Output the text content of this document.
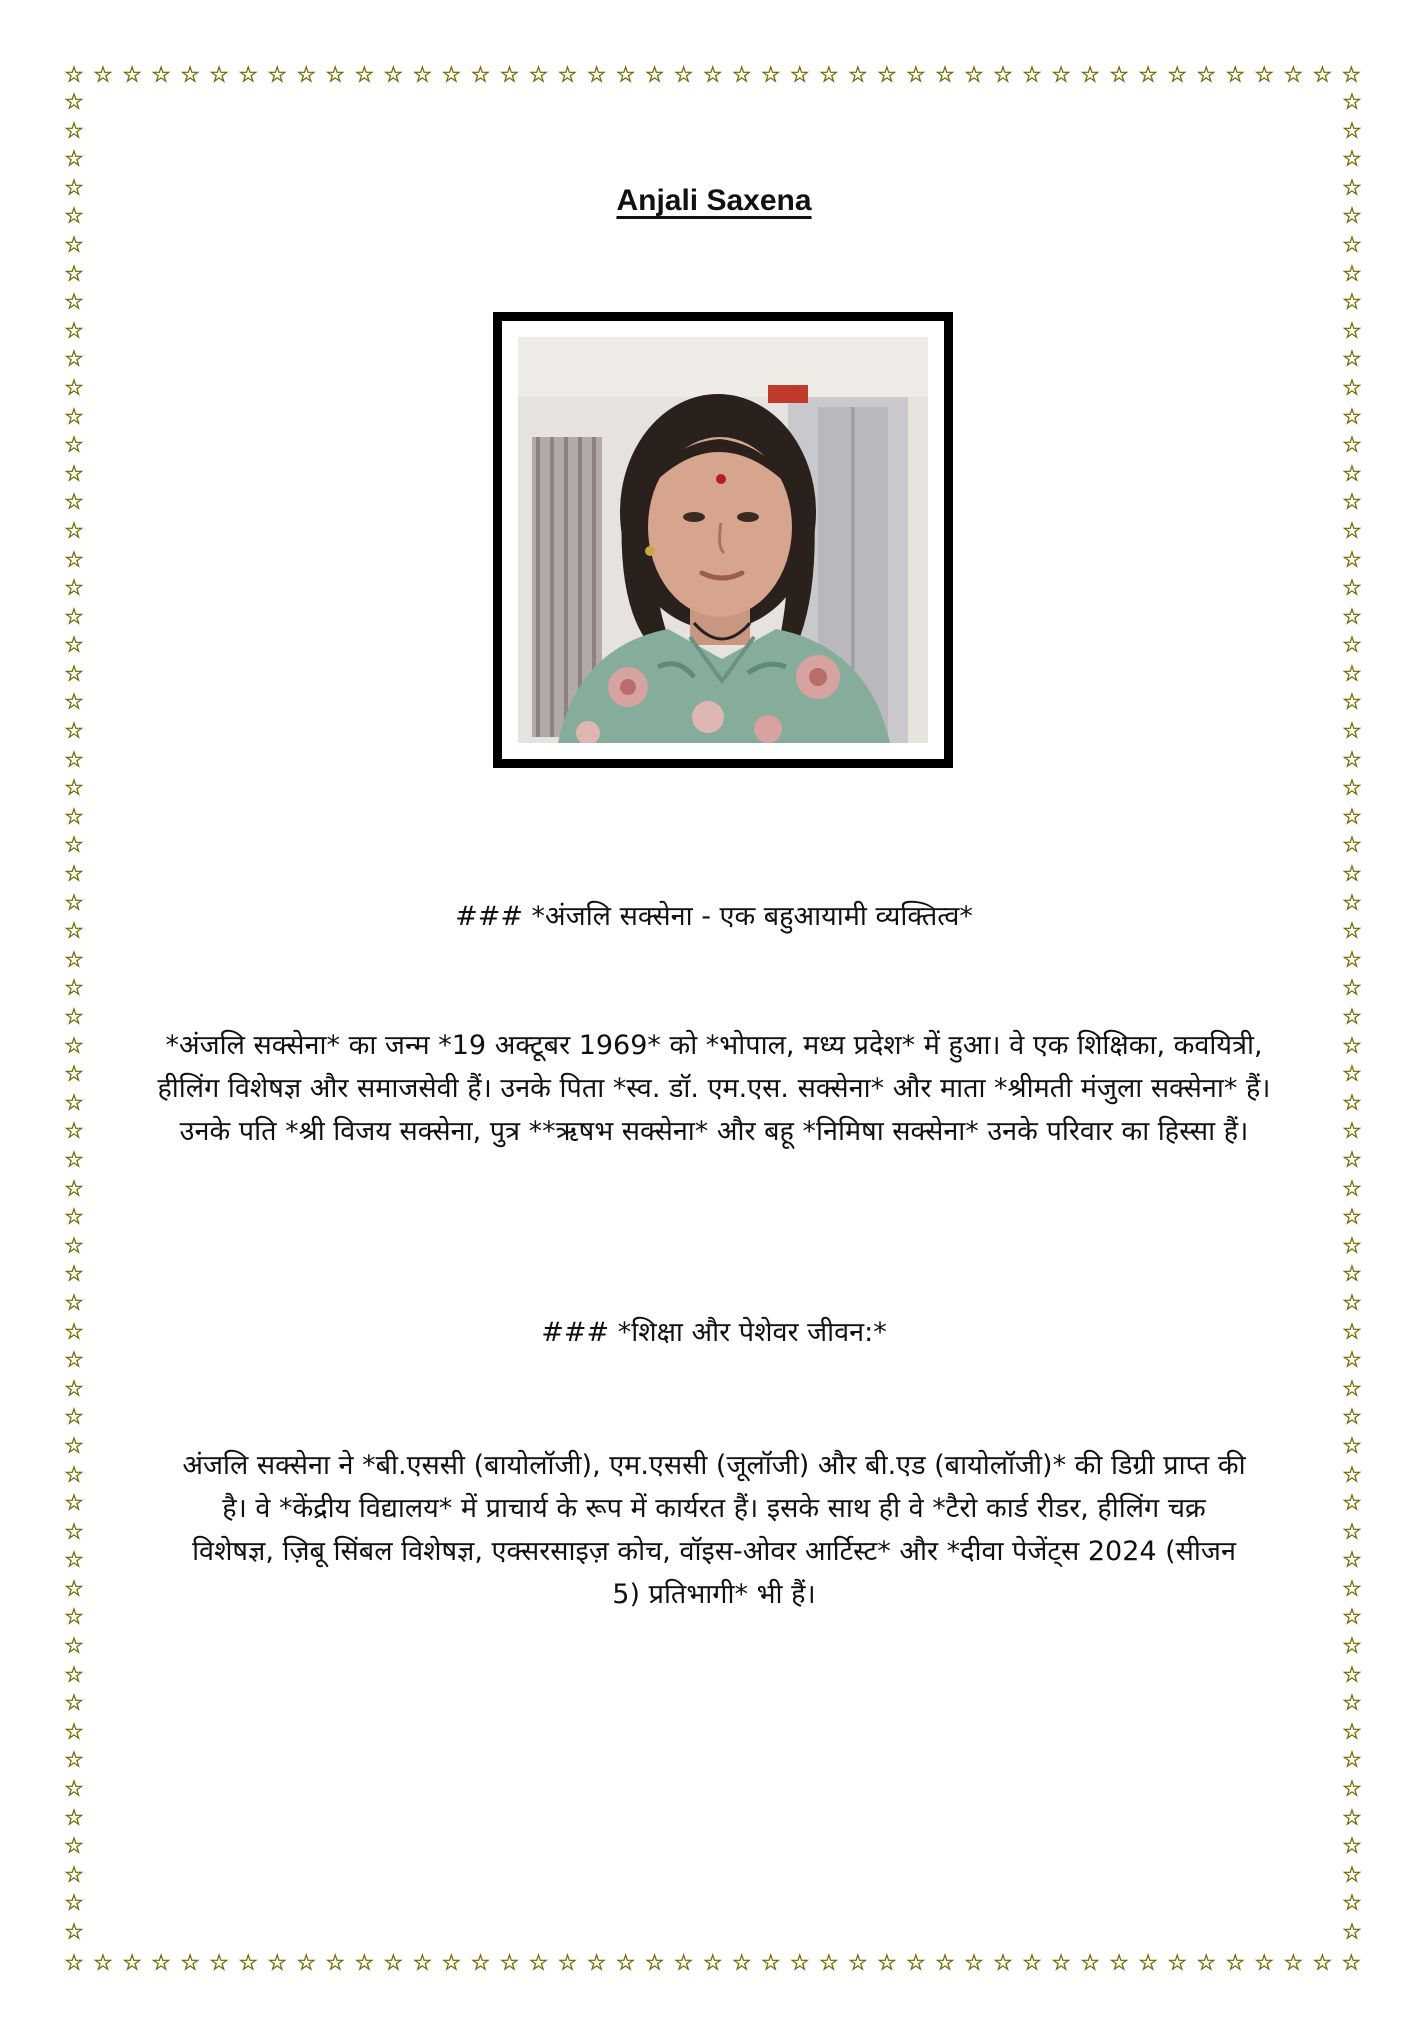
☆ ☆ ☆ ☆ ☆ ☆ ☆ ☆ ☆ ☆ ☆ ☆ ☆ ☆ ☆ ☆ ☆ ☆ ☆ ☆ ☆ ☆ ☆ ☆ ☆ ☆ ☆ ☆ ☆ ☆ ☆ ☆ ☆ ☆ ☆ ☆ ☆ ☆ ☆ ☆ ☆ ☆ ☆ ☆ ☆
☆ ☆ ☆ ☆ ☆ ☆ ☆ ☆ ☆ ☆ ☆ ☆ ☆ ☆ ☆ ☆ ☆ ☆ ☆ ☆ ☆ ☆ ☆ ☆ ☆ ☆ ☆ ☆ ☆ ☆ ☆ ☆ ☆ ☆ ☆ ☆ ☆ ☆ ☆ ☆ ☆ ☆ ☆ ☆ ☆
☆
☆
☆
☆
☆
☆
☆
☆
☆
☆
☆
☆
☆
☆
☆
☆
☆
☆
☆
☆
☆
☆
☆
☆
☆
☆
☆
☆
☆
☆
☆
☆
☆
☆
☆
☆
☆
☆
☆
☆
☆
☆
☆
☆
☆
☆
☆
☆
☆
☆
☆
☆
☆
☆
☆
☆
☆
☆
☆
☆
☆
☆
☆
☆
☆
☆
☆
☆
☆
☆
☆
☆
☆
☆
☆
☆
☆
☆
☆
☆
☆
☆
☆
☆
☆
☆
☆
☆
☆
☆
☆
☆
☆
☆
☆
☆
☆
☆
☆
☆
☆
☆
☆
☆
☆
☆
☆
☆
☆
☆
☆
☆
☆
☆
☆
☆
☆
☆
☆
☆
☆
☆
☆
☆
☆
☆
☆
☆
☆
☆
Anjali Saxena
### *अंजलि सक्सेना - एक बहुआयामी व्यक्तित्व*
*अंजलि सक्सेना* का जन्म *19 अक्टूबर 1969* को *भोपाल, मध्य प्रदेश* में हुआ। वे एक शिक्षिका, कवयित्री, हीलिंग विशेषज्ञ और समाजसेवी हैं। उनके पिता *स्व. डॉ. एम.एस. सक्सेना* और माता *श्रीमती मंजुला सक्सेना* हैं। उनके पति *श्री विजय सक्सेना, पुत्र **ऋषभ सक्सेना* और बहू *निमिषा सक्सेना* उनके परिवार का हिस्सा हैं।
### *शिक्षा और पेशेवर जीवन:*
अंजलि सक्सेना ने *बी.एससी (बायोलॉजी), एम.एससी (जूलॉजी) और बी.एड (बायोलॉजी)* की डिग्री प्राप्त की है। वे *केंद्रीय विद्यालय* में प्राचार्य के रूप में कार्यरत हैं। इसके साथ ही वे *टैरो कार्ड रीडर, हीलिंग चक्र विशेषज्ञ, ज़िबू सिंबल विशेषज्ञ, एक्सरसाइज़ कोच, वॉइस-ओवर आर्टिस्ट* और *दीवा पेजेंट्स 2024 (सीजन 5) प्रतिभागी* भी हैं।
